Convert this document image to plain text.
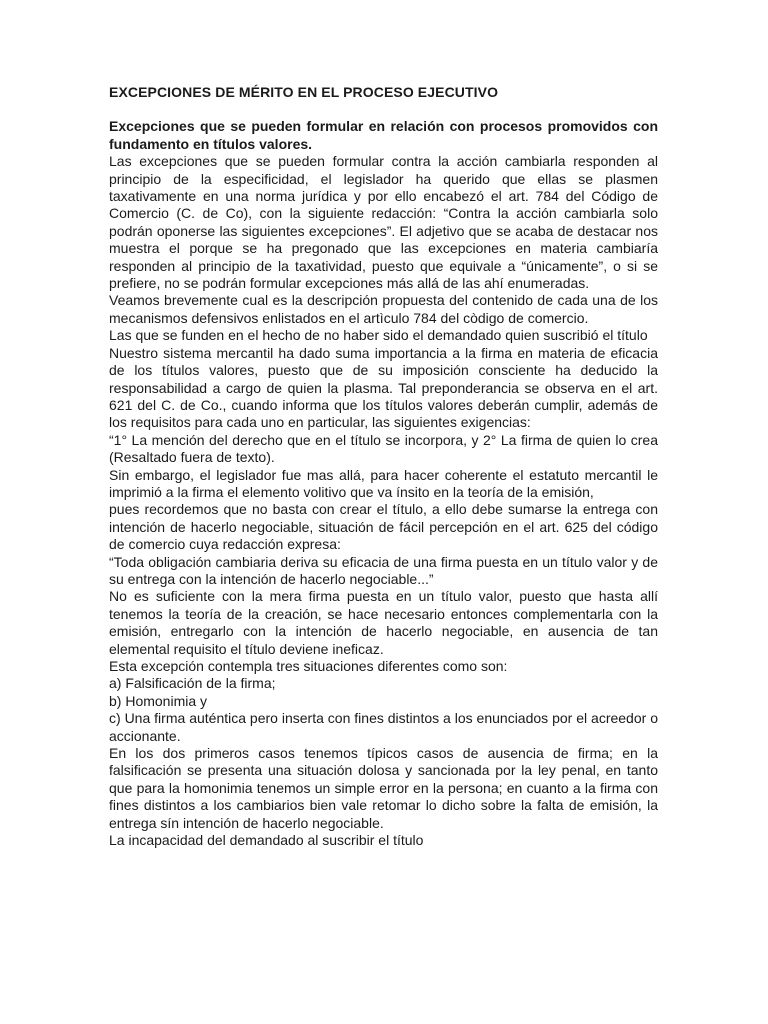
EXCEPCIONES DE MÉRITO EN EL PROCESO EJECUTIVO

Excepciones que se pueden formular en relación con procesos promovidos con fundamento en títulos valores.

Las excepciones que se pueden formular contra la acción cambiarla responden al principio de la especificidad, el legislador ha querido que ellas se plasmen taxativamente en una norma jurídica y por ello encabezó el art. 784 del Código de Comercio (C. de Co), con la siguiente redacción: “Contra la acción cambiarla solo podrán oponerse las siguientes excepciones”. El adjetivo que se acaba de destacar nos muestra el porque se ha pregonado que las excepciones en materia cambiaría responden al principio de la taxatividad, puesto que equivale a “únicamente”, o si se prefiere, no se podrán formular excepciones más allá de las ahí enumeradas.

Veamos brevemente cual es la descripción propuesta del contenido de cada una de los mecanismos defensivos enlistados en el artìculo 784 del còdigo de comercio.

Las que se funden en el hecho de no haber sido el demandado quien suscribió el título

Nuestro sistema mercantil ha dado suma importancia a la firma en materia de eficacia de los títulos valores, puesto que de su imposición consciente ha deducido la responsabilidad a cargo de quien la plasma. Tal preponderancia se observa en el art. 621 del C. de Co., cuando informa que los títulos valores deberán cumplir, además de los requisitos para cada uno en particular, las siguientes exigencias:

“1° La mención del derecho que en el título se incorpora, y 2° La firma de quien lo crea (Resaltado fuera de texto).

Sin embargo, el legislador fue mas allá, para hacer coherente el estatuto mercantil le imprimió a la firma el elemento volitivo que va ínsito en la teoría de la emisión,

pues recordemos que no basta con crear el título, a ello debe sumarse la entrega con intención de hacerlo negociable, situación de fácil percepción en el art. 625 del código de comercio cuya redacción expresa:

“Toda obligación cambiaria deriva su eficacia de una firma puesta en un título valor y de su entrega con la intención de hacerlo negociable...”

No es suficiente con la mera firma puesta en un título valor, puesto que hasta allí tenemos la teoría de la creación, se hace necesario entonces complementarla con la emisión, entregarlo con la intención de hacerlo negociable, en ausencia de tan elemental requisito el título deviene ineficaz.

Esta excepción contempla tres situaciones diferentes como son:

a) Falsificación de la firma;

b) Homonimia y

c) Una firma auténtica pero inserta con fines distintos a los enunciados por el acreedor o accionante.

En los dos primeros casos tenemos típicos casos de ausencia de firma; en la falsificación se presenta una situación dolosa y sancionada por la ley penal, en tanto que para la homonimia tenemos un simple error en la persona; en cuanto a la firma con fines distintos a los cambiarios bien vale retomar lo dicho sobre la falta de emisión, la entrega sín intención de hacerlo negociable.

La incapacidad del demandado al suscribir el título
